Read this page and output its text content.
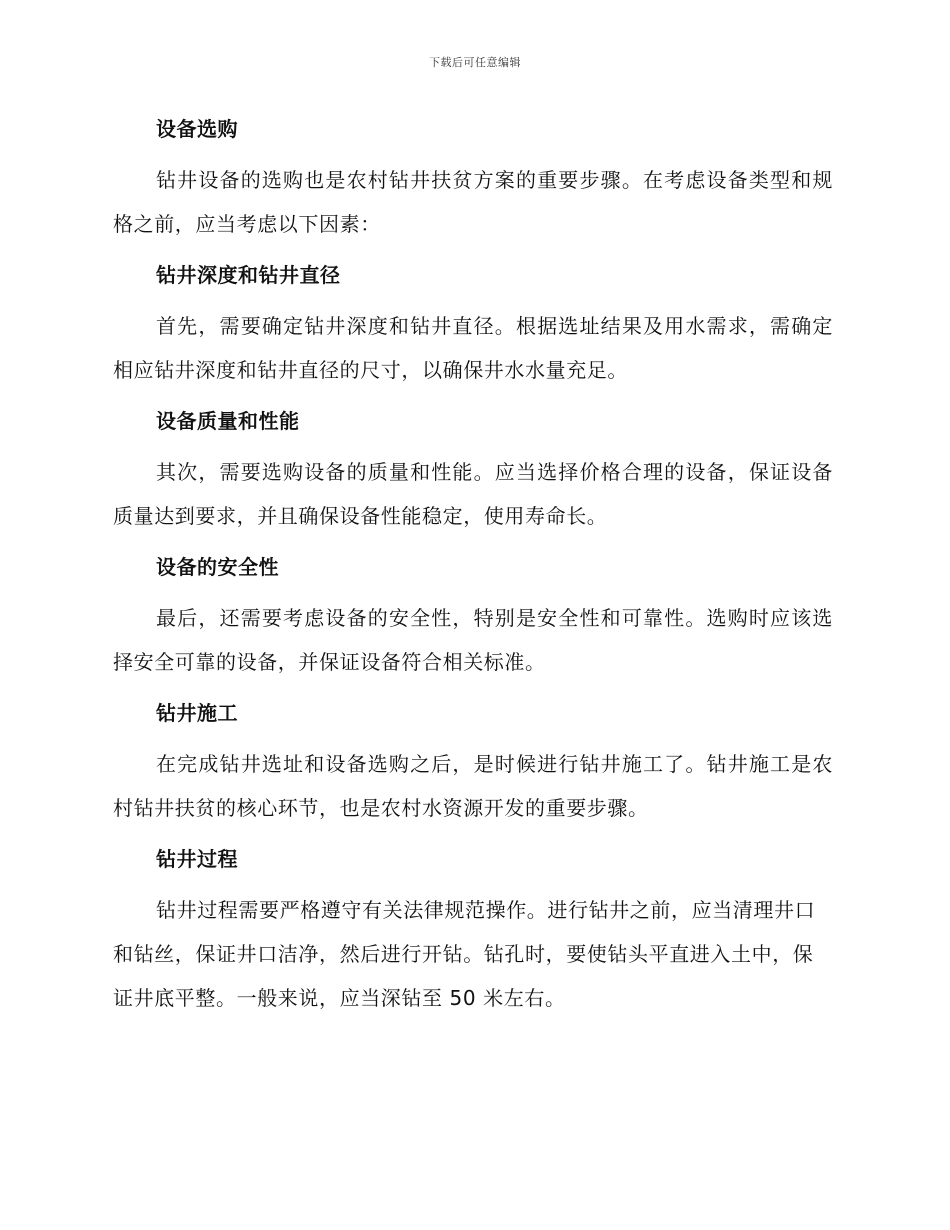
下载后可任意编辑
设备选购

钻井设备的选购也是农村钻井扶贫方案的重要步骤。在考虑设备类型和规格之前，应当考虑以下因素：

钻井深度和钻井直径

首先，需要确定钻井深度和钻井直径。根据选址结果及用水需求，需确定相应钻井深度和钻井直径的尺寸，以确保井水水量充足。

设备质量和性能

其次，需要选购设备的质量和性能。应当选择价格合理的设备，保证设备质量达到要求，并且确保设备性能稳定，使用寿命长。

设备的安全性

最后，还需要考虑设备的安全性，特别是安全性和可靠性。选购时应该选择安全可靠的设备，并保证设备符合相关标准。

钻井施工

在完成钻井选址和设备选购之后，是时候进行钻井施工了。钻井施工是农村钻井扶贫的核心环节，也是农村水资源开发的重要步骤。

钻井过程

钻井过程需要严格遵守有关法律规范操作。进行钻井之前，应当清理井口和钻丝，保证井口洁净，然后进行开钻。钻孔时，要使钻头平直进入土中，保证井底平整。一般来说，应当深钻至 50 米左右。
